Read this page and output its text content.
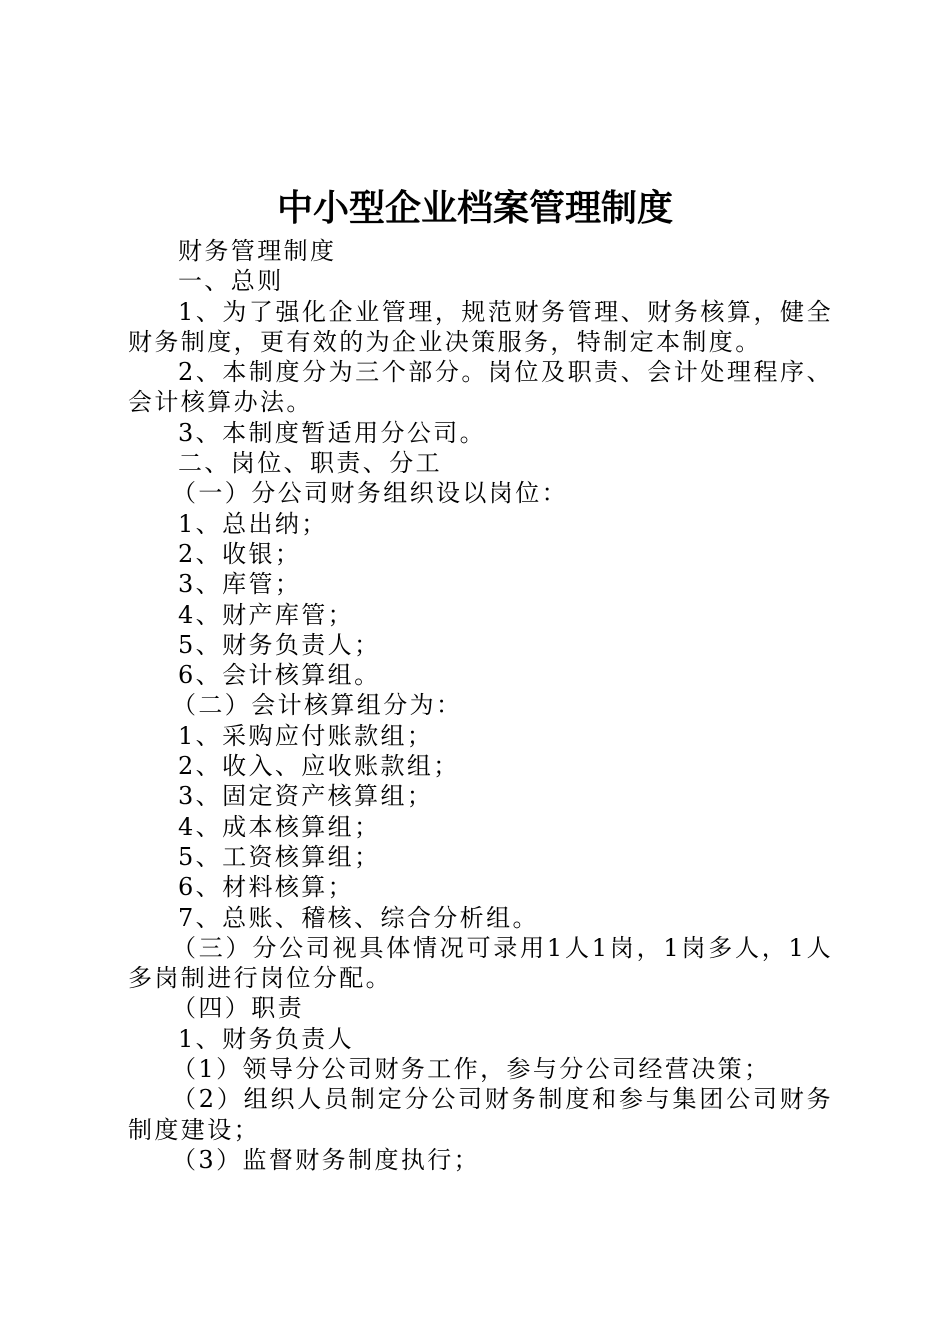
中小型企业档案管理制度

财务管理制度

一、总则

1、为了强化企业管理，规范财务管理、财务核算，健全财务制度，更有效的为企业决策服务，特制定本制度。

2、本制度分为三个部分。岗位及职责、会计处理程序、会计核算办法。

3、本制度暂适用分公司。

二、岗位、职责、分工

（一）分公司财务组织设以岗位：

1、总出纳；

2、收银；

3、库管；

4、财产库管；

5、财务负责人；

6、会计核算组。

（二）会计核算组分为：

1、采购应付账款组；

2、收入、应收账款组；

3、固定资产核算组；

4、成本核算组；

5、工资核算组；

6、材料核算；

7、总账、稽核、综合分析组。

（三）分公司视具体情况可录用1人1岗，1岗多人，1人多岗制进行岗位分配。

（四）职责

1、财务负责人

（1）领导分公司财务工作，参与分公司经营决策；

（2）组织人员制定分公司财务制度和参与集团公司财务制度建设；

（3）监督财务制度执行；
